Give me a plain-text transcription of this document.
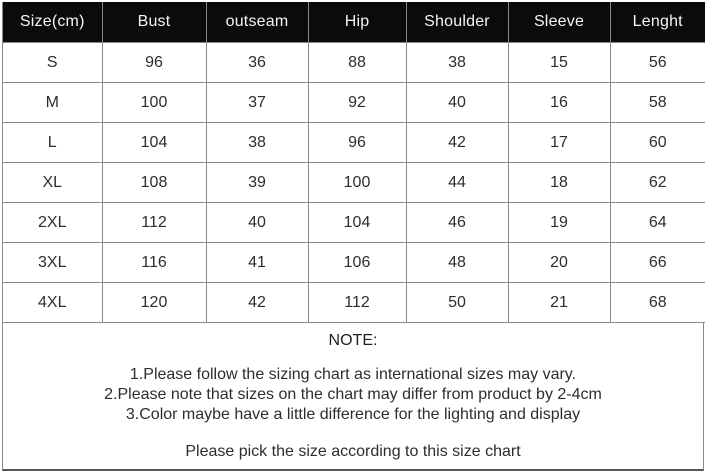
Size(cm)	Bust	outseam	Hip	Shoulder	Sleeve	Lenght
S	96	36	88	38	15	56
M	100	37	92	40	16	58
L	104	38	96	42	17	60
XL	108	39	100	44	18	62
2XL	112	40	104	46	19	64
3XL	116	41	106	48	20	66
4XL	120	42	112	50	21	68
NOTE:
1.Please follow the sizing chart as international sizes may vary.
2.Please note that sizes on the chart may differ from product by 2-4cm
3.Color maybe have a little difference for the lighting and display
Please pick the size according to this size chart
